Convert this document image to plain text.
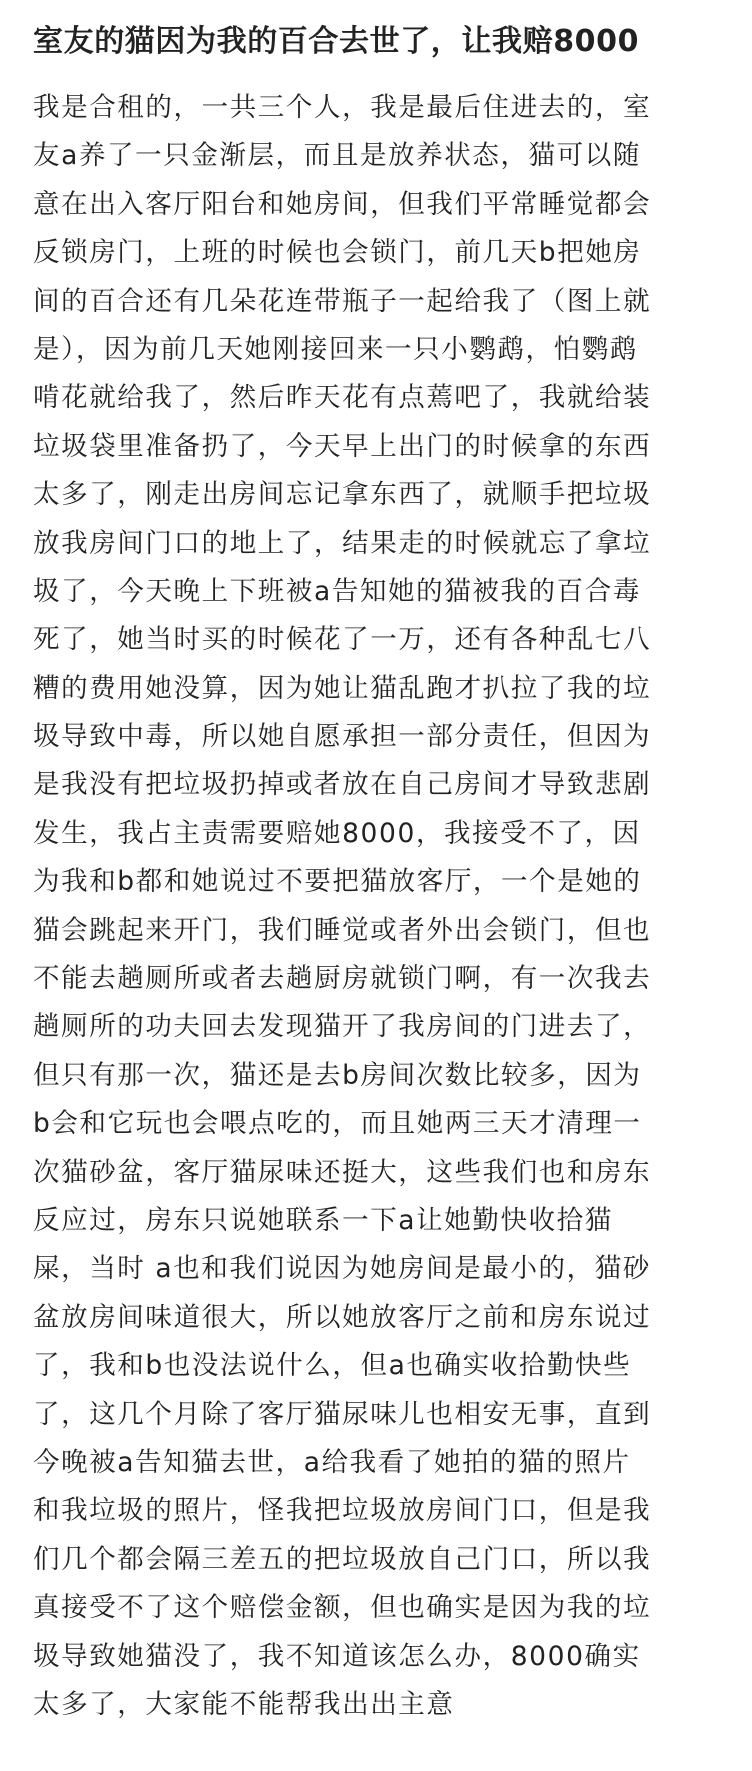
室友的猫因为我的百合去世了，让我赔8000
我是合租的，一共三个人，我是最后住进去的，室
友a养了一只金渐层，而且是放养状态，猫可以随
意在出入客厅阳台和她房间，但我们平常睡觉都会
反锁房门，上班的时候也会锁门，前几天b把她房
间的百合还有几朵花连带瓶子一起给我了（图上就
是），因为前几天她刚接回来一只小鹦鹉，怕鹦鹉
啃花就给我了，然后昨天花有点蔫吧了，我就给装
垃圾袋里准备扔了，今天早上出门的时候拿的东西
太多了，刚走出房间忘记拿东西了，就顺手把垃圾
放我房间门口的地上了，结果走的时候就忘了拿垃
圾了，今天晚上下班被a告知她的猫被我的百合毒
死了，她当时买的时候花了一万，还有各种乱七八
糟的费用她没算，因为她让猫乱跑才扒拉了我的垃
圾导致中毒，所以她自愿承担一部分责任，但因为
是我没有把垃圾扔掉或者放在自己房间才导致悲剧
发生，我占主责需要赔她8000，我接受不了，因
为我和b都和她说过不要把猫放客厅，一个是她的
猫会跳起来开门，我们睡觉或者外出会锁门，但也
不能去趟厕所或者去趟厨房就锁门啊，有一次我去
趟厕所的功夫回去发现猫开了我房间的门进去了，
但只有那一次，猫还是去b房间次数比较多，因为
b会和它玩也会喂点吃的，而且她两三天才清理一
次猫砂盆，客厅猫尿味还挺大，这些我们也和房东
反应过，房东只说她联系一下a让她勤快收拾猫
屎，当时 a也和我们说因为她房间是最小的，猫砂
盆放房间味道很大，所以她放客厅之前和房东说过
了，我和b也没法说什么，但a也确实收拾勤快些
了，这几个月除了客厅猫尿味儿也相安无事，直到
今晚被a告知猫去世，a给我看了她拍的猫的照片
和我垃圾的照片，怪我把垃圾放房间门口，但是我
们几个都会隔三差五的把垃圾放自己门口，所以我
真接受不了这个赔偿金额，但也确实是因为我的垃
圾导致她猫没了，我不知道该怎么办，8000确实
太多了，大家能不能帮我出出主意
